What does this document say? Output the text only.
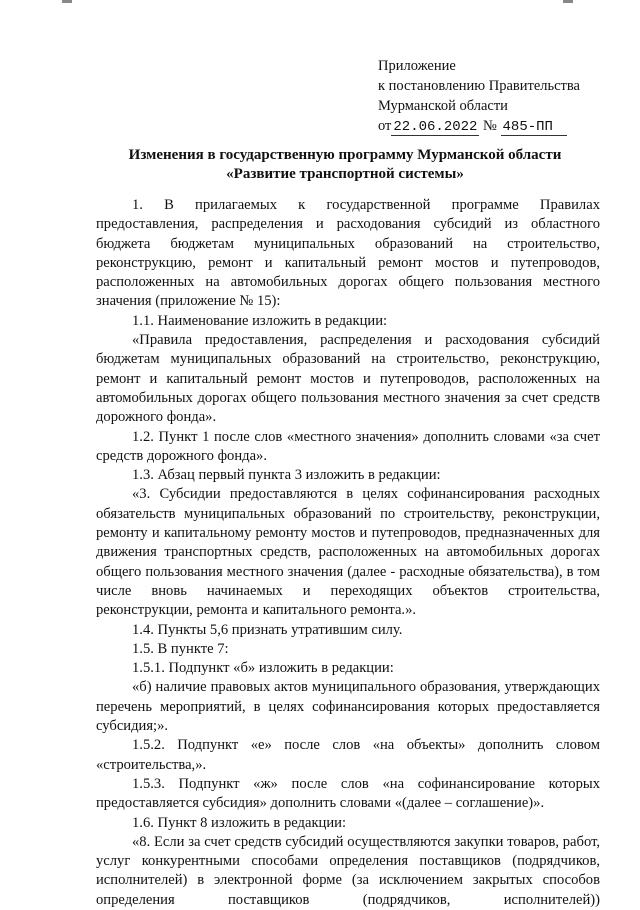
Приложение
к постановлению Правительства
Мурманской области
от 22.06.2022 № 485-ПП
Изменения в государственную программу Мурманской области
«Развитие транспортной системы»

1. В прилагаемых к государственной программе Правилах предоставления, распределения и расходования субсидий из областного бюджета бюджетам муниципальных образований на строительство, реконструкцию, ремонт и капитальный ремонт мостов и путепроводов, расположенных на автомобильных дорогах общего пользования местного значения (приложение № 15):

1.1. Наименование изложить в редакции:

«Правила предоставления, распределения и расходования субсидий бюджетам муниципальных образований на строительство, реконструкцию, ремонт и капитальный ремонт мостов и путепроводов, расположенных на автомобильных дорогах общего пользования местного значения за счет средств дорожного фонда».

1.2. Пункт 1 после слов «местного значения» дополнить словами «за счет средств дорожного фонда».

1.3. Абзац первый пункта 3 изложить в редакции:

«3. Субсидии предоставляются в целях софинансирования расходных обязательств муниципальных образований по строительству, реконструкции, ремонту и капитальному ремонту мостов и путепроводов, предназначенных для движения транспортных средств, расположенных на автомобильных дорогах общего пользования местного значения (далее - расходные обязательства), в том числе вновь начинаемых и переходящих объектов строительства, реконструкции, ремонта и капитального ремонта.».

1.4. Пункты 5,6 признать утратившим силу.

1.5. В пункте 7:

1.5.1. Подпункт «б» изложить в редакции:

«б) наличие правовых актов муниципального образования, утверждающих перечень мероприятий, в целях софинансирования которых предоставляется субсидия;».

1.5.2. Подпункт «е» после слов «на объекты» дополнить словом «строительства,».

1.5.3. Подпункт «ж» после слов «на софинансирование которых предоставляется субсидия» дополнить словами «(далее – соглашение)».

1.6. Пункт 8 изложить в редакции:

«8. Если за счет средств субсидий осуществляются закупки товаров, работ, услуг конкурентными способами определения поставщиков (подрядчиков, исполнителей) в электронной форме (за исключением закрытых способов определения поставщиков (подрядчиков, исполнителей))
